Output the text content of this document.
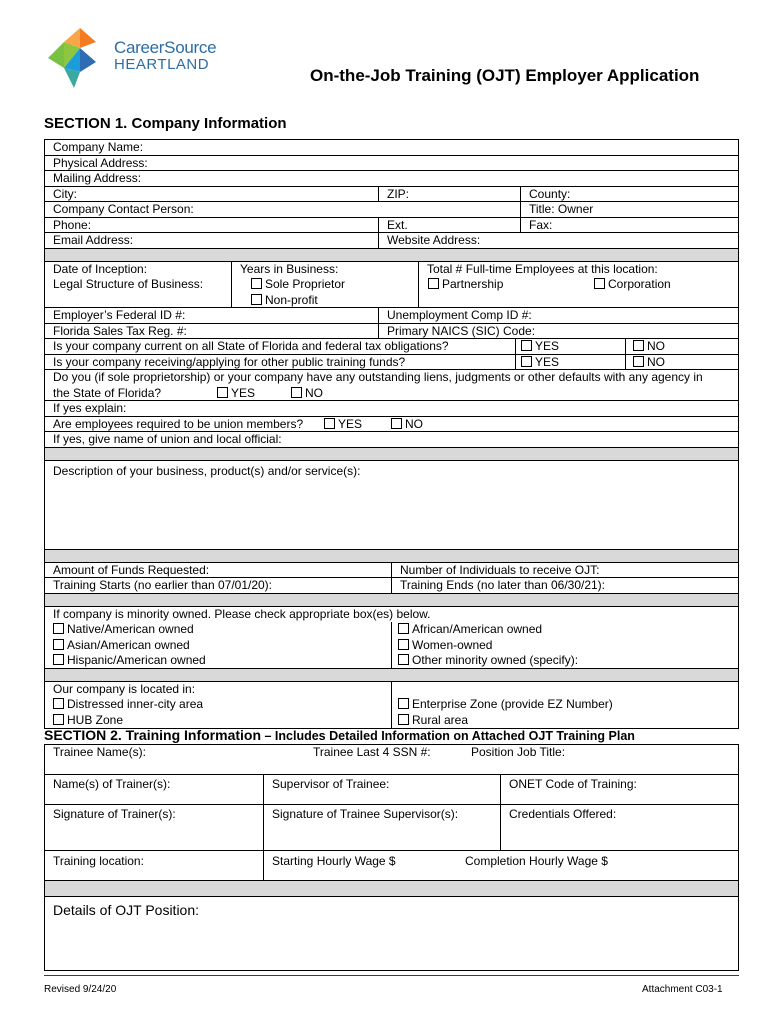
CareerSource
HEARTLAND
On-the-Job Training (OJT) Employer Application
SECTION 1. Company Information
Company Name:
Physical Address:
Mailing Address:
City:	ZIP:	County:
Company Contact Person:	Title: Owner
Phone:	Ext.	Fax:
Email Address:	Website Address:
Date of Inception:	Years in Business:	Total # Full-time Employees at this location:
Legal Structure of Business:	Sole Proprietor	Partnership	Corporation
Non-profit
Employer’s Federal ID #:	Unemployment Comp ID #:
Florida Sales Tax Reg. #:	Primary NAICS (SIC) Code:
Is your company current on all State of Florida and federal tax obligations?	YES	NO
Is your company receiving/applying for other public training funds?	YES	NO
Do you (if sole proprietorship) or your company have any outstanding liens, judgments or other defaults with any agency in
the State of Florida?	YES	NO
If yes explain:
Are employees required to be union members?	YES	NO
If yes, give name of union and local official:
Description of your business, product(s) and/or service(s):
Amount of Funds Requested:	Number of Individuals to receive OJT:
Training Starts (no earlier than 07/01/20):	Training Ends (no later than 06/30/21):
If company is minority owned. Please check appropriate box(es) below.
Native/American owned	African/American owned
Asian/American owned	Women-owned
Hispanic/American owned	Other minority owned (specify):
Our company is located in:
Distressed inner-city area	Enterprise Zone (provide EZ Number)
HUB Zone	Rural area
SECTION 2. Training Information – Includes Detailed Information on Attached OJT Training Plan
Trainee Name(s):	Trainee Last 4 SSN #:	Position Job Title:
Name(s) of Trainer(s):	Supervisor of Trainee:	ONET Code of Training:
Signature of Trainer(s):	Signature of Trainee Supervisor(s):	Credentials Offered:
Training location:	Starting Hourly Wage $	Completion Hourly Wage $
Details of OJT Position:
Revised 9/24/20	Attachment C03-1
